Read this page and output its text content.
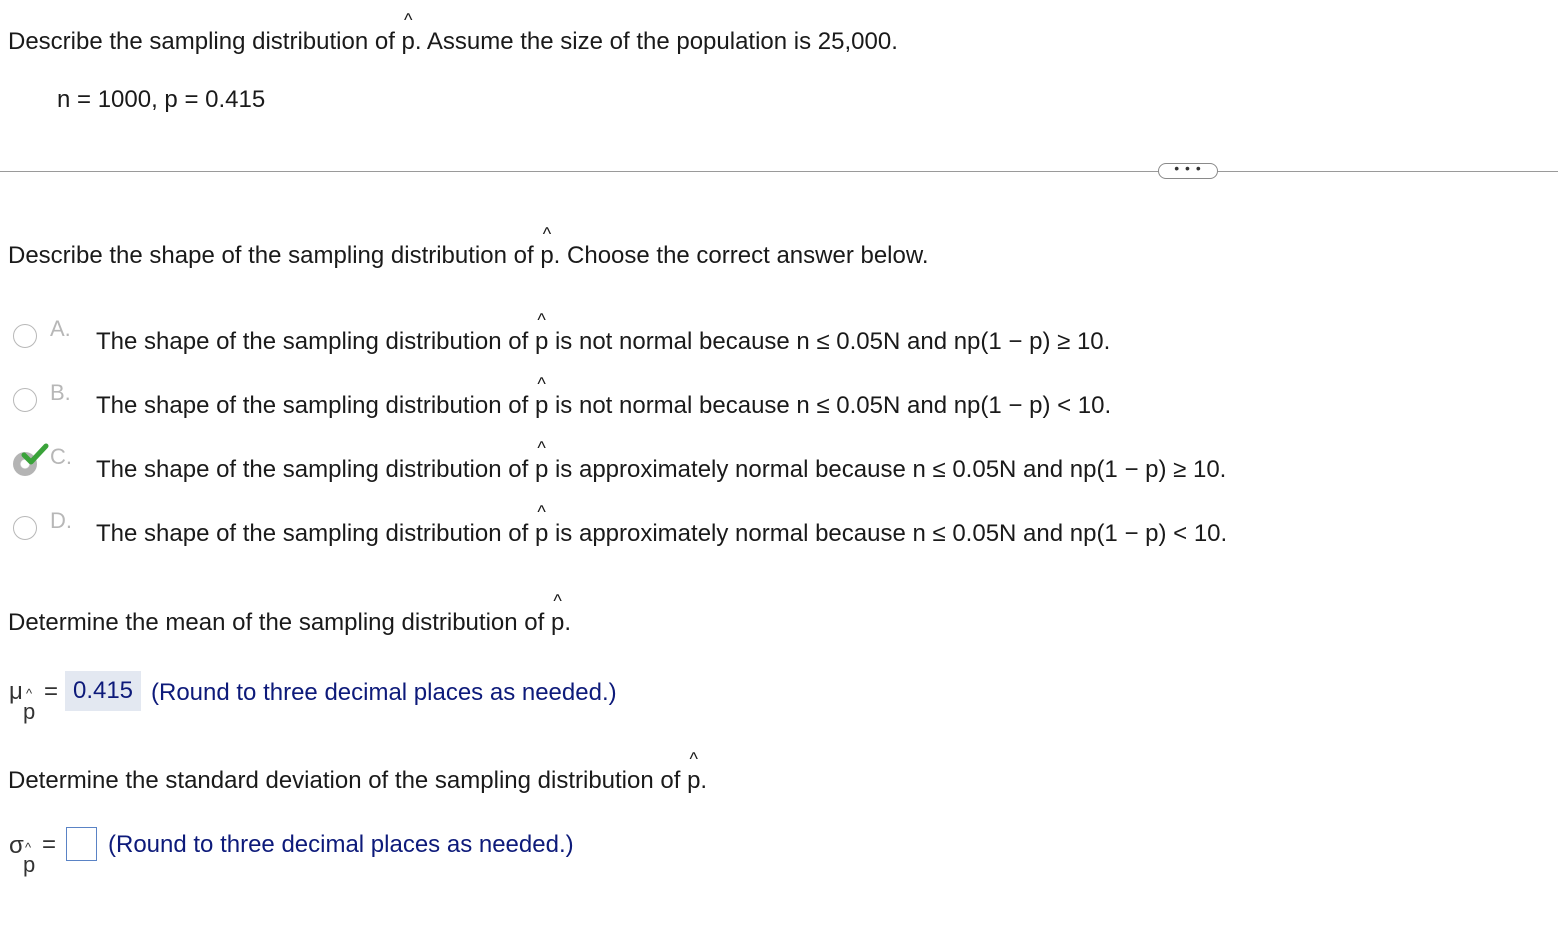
Describe the sampling distribution of ^ p. Assume the size of the population is 25,000.
n = 1000, p = 0.415
• • •
Describe the shape of the sampling distribution of ^ p. Choose the correct answer below.
A. The shape of the sampling distribution of ^ p is not normal because n ≤ 0.05N and np(1 − p) ≥ 10.
B. The shape of the sampling distribution of ^ p is not normal because n ≤ 0.05N and np(1 − p) < 10.
C. The shape of the sampling distribution of ^ p is approximately normal because n ≤ 0.05N and np(1 − p) ≥ 10.
D. The shape of the sampling distribution of ^ p is approximately normal because n ≤ 0.05N and np(1 − p) < 10.
Determine the mean of the sampling distribution of ^ p.
μ ^
p
= 0.415 (Round to three decimal places as needed.)
Determine the standard deviation of the sampling distribution of ^ p.
σ ^
p
= (Round to three decimal places as needed.)
